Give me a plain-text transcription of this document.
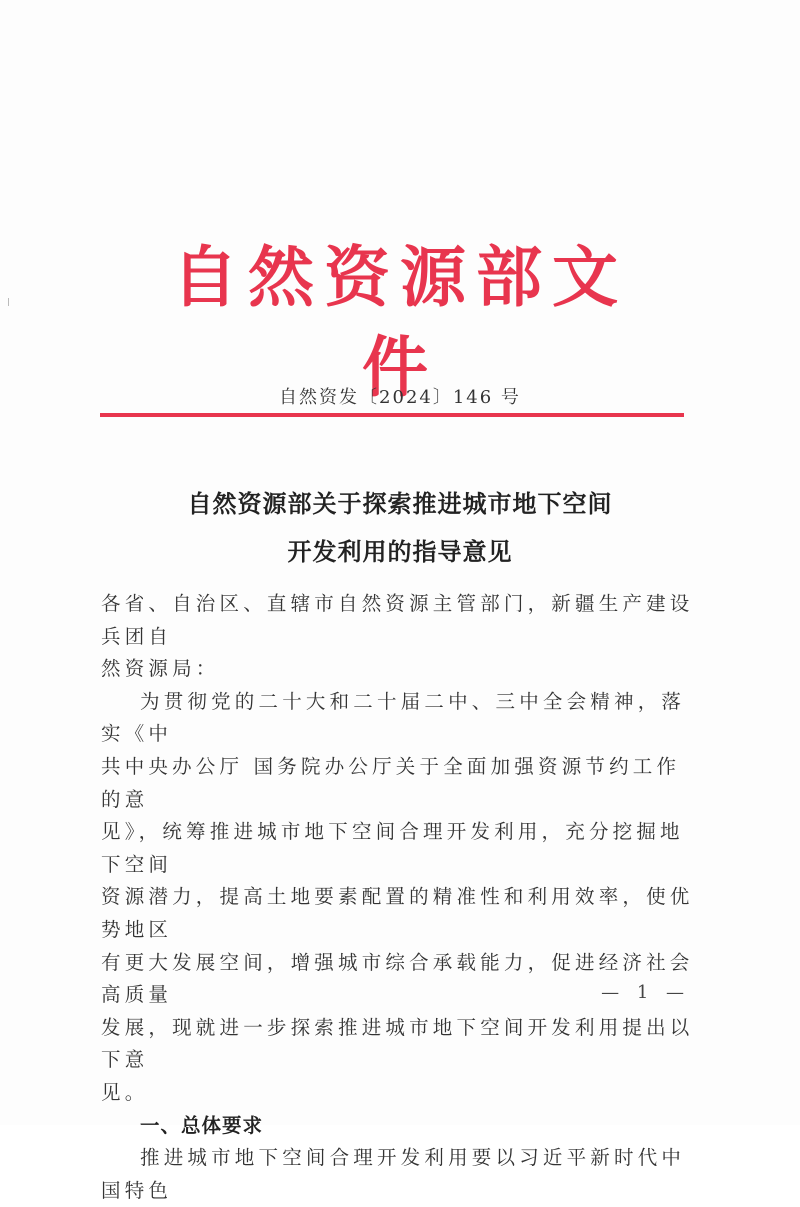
自然资源部文件
自然资发〔2024〕146 号
自然资源部关于探索推进城市地下空间
开发利用的指导意见

各省、自治区、直辖市自然资源主管部门，新疆生产建设兵团自

然资源局：

为贯彻党的二十大和二十届二中、三中全会精神，落实《中

共中央办公厅 国务院办公厅关于全面加强资源节约工作的意

见》，统筹推进城市地下空间合理开发利用，充分挖掘地下空间

资源潜力，提高土地要素配置的精准性和利用效率，使优势地区

有更大发展空间，增强城市综合承载能力，促进经济社会高质量

发展，现就进一步探索推进城市地下空间开发利用提出以下意

见。

一、总体要求

推进城市地下空间合理开发利用要以习近平新时代中国特色

— 1 —
